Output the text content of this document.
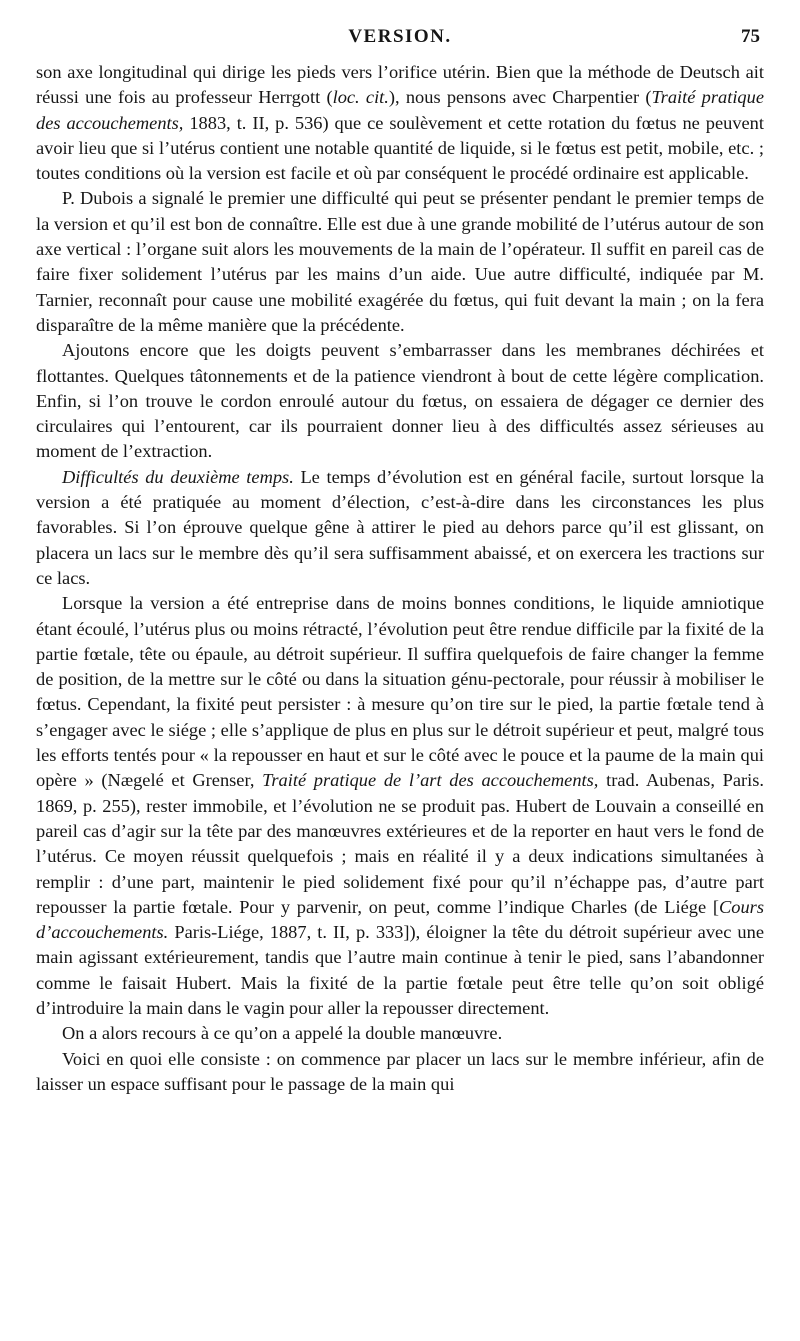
VERSION.	75

son axe longitudinal qui dirige les pieds vers l’orifice utérin. Bien que la méthode de Deutsch ait réussi une fois au professeur Herrgott (loc. cit.), nous pensons avec Charpentier (Traité pratique des accouchements, 1883, t. II, p. 536) que ce soulèvement et cette rotation du fœtus ne peuvent avoir lieu que si l’utérus contient une notable quantité de liquide, si le fœtus est petit, mobile, etc. ; toutes conditions où la version est facile et où par conséquent le procédé ordinaire est applicable.

P. Dubois a signalé le premier une difficulté qui peut se présenter pendant le premier temps de la version et qu’il est bon de connaître. Elle est due à une grande mobilité de l’utérus autour de son axe vertical : l’organe suit alors les mouvements de la main de l’opérateur. Il suffit en pareil cas de faire fixer solidement l’utérus par les mains d’un aide. Uue autre difficulté, indiquée par M. Tarnier, reconnaît pour cause une mobilité exagérée du fœtus, qui fuit devant la main ; on la fera disparaître de la même manière que la précédente.

Ajoutons encore que les doigts peuvent s’embarrasser dans les membranes déchirées et flottantes. Quelques tâtonnements et de la patience viendront à bout de cette légère complication. Enfin, si l’on trouve le cordon enroulé autour du fœtus, on essaiera de dégager ce dernier des circulaires qui l’entourent, car ils pourraient donner lieu à des difficultés assez sérieuses au moment de l’extraction.

Difficultés du deuxième temps. Le temps d’évolution est en général facile, surtout lorsque la version a été pratiquée au moment d’élection, c’est-à-dire dans les circonstances les plus favorables. Si l’on éprouve quelque gêne à attirer le pied au dehors parce qu’il est glissant, on placera un lacs sur le membre dès qu’il sera suffisamment abaissé, et on exercera les tractions sur ce lacs.

Lorsque la version a été entreprise dans de moins bonnes conditions, le liquide amniotique étant écoulé, l’utérus plus ou moins rétracté, l’évolution peut être rendue difficile par la fixité de la partie fœtale, tête ou épaule, au détroit supérieur. Il suffira quelquefois de faire changer la femme de position, de la mettre sur le côté ou dans la situation génu-pectorale, pour réussir à mobiliser le fœtus. Cependant, la fixité peut persister : à mesure qu’on tire sur le pied, la partie fœtale tend à s’engager avec le siége ; elle s’applique de plus en plus sur le détroit supérieur et peut, malgré tous les efforts tentés pour « la repousser en haut et sur le côté avec le pouce et la paume de la main qui opère » (Nægelé et Grenser, Traité pratique de l’art des accouchements, trad. Aubenas, Paris. 1869, p. 255), rester immobile, et l’évolution ne se produit pas. Hubert de Louvain a conseillé en pareil cas d’agir sur la tête par des manœuvres extérieures et de la reporter en haut vers le fond de l’utérus. Ce moyen réussit quelquefois ; mais en réalité il y a deux indications simultanées à remplir : d’une part, maintenir le pied solidement fixé pour qu’il n’échappe pas, d’autre part repousser la partie fœtale. Pour y parvenir, on peut, comme l’indique Charles (de Liége [Cours d’accouchements. Paris-Liége, 1887, t. II, p. 333]), éloigner la tête du détroit supérieur avec une main agissant extérieurement, tandis que l’autre main continue à tenir le pied, sans l’abandonner comme le faisait Hubert. Mais la fixité de la partie fœtale peut être telle qu’on soit obligé d’introduire la main dans le vagin pour aller la repousser directement.

On a alors recours à ce qu’on a appelé la double manœuvre.

Voici en quoi elle consiste : on commence par placer un lacs sur le membre inférieur, afin de laisser un espace suffisant pour le passage de la main qui
